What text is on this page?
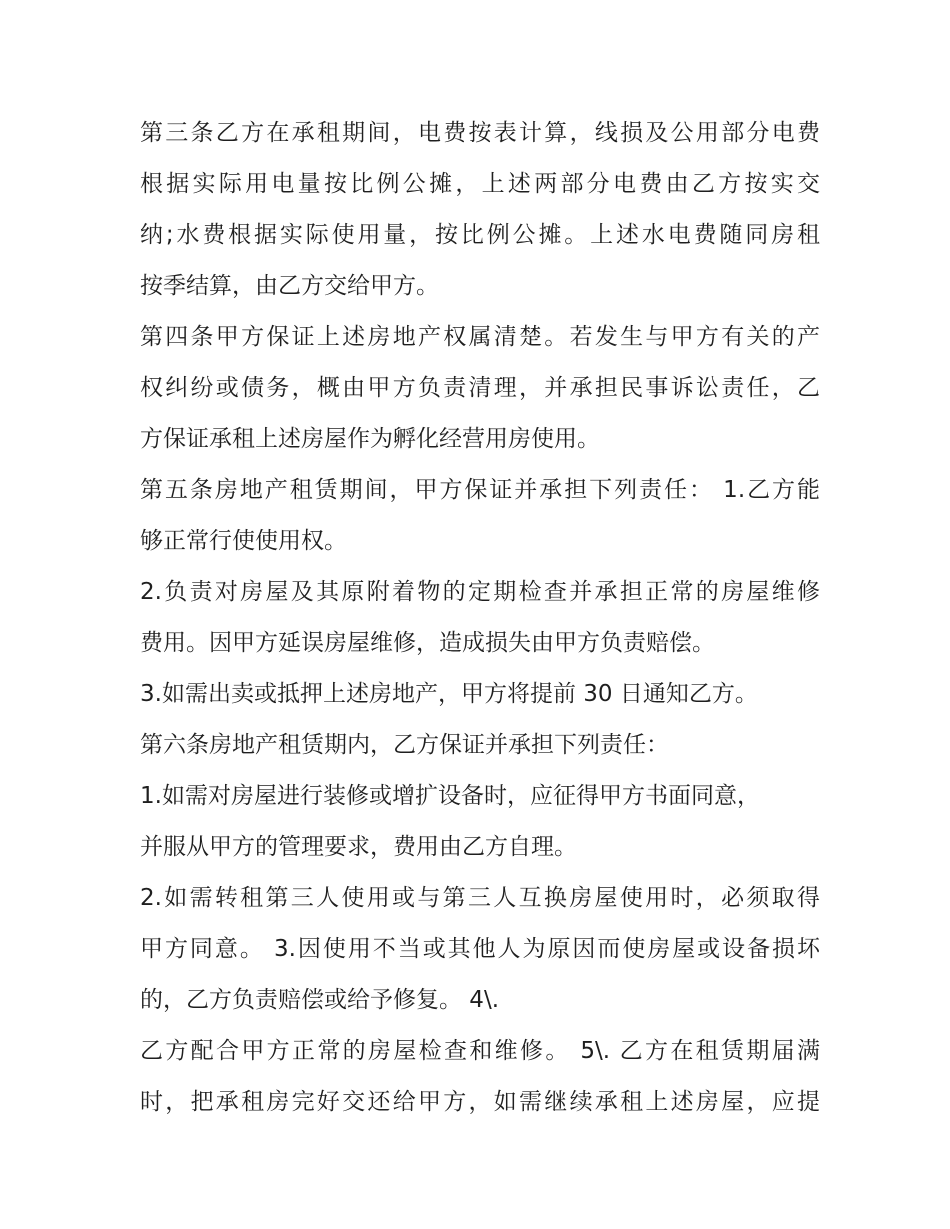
第三条乙方在承租期间，电费按表计算，线损及公用部分电费
根据实际用电量按比例公摊，上述两部分电费由乙方按实交
纳;水费根据实际使用量，按比例公摊。上述水电费随同房租
按季结算，由乙方交给甲方。
第四条甲方保证上述房地产权属清楚。若发生与甲方有关的产
权纠纷或债务，概由甲方负责清理，并承担民事诉讼责任，乙
方保证承租上述房屋作为孵化经营用房使用。
第五条房地产租赁期间，甲方保证并承担下列责任： 1.乙方能
够正常行使使用权。
2.负责对房屋及其原附着物的定期检查并承担正常的房屋维修
费用。因甲方延误房屋维修，造成损失由甲方负责赔偿。
3.如需出卖或抵押上述房地产，甲方将提前 30 日通知乙方。
第六条房地产租赁期内，乙方保证并承担下列责任：
1.如需对房屋进行装修或增扩设备时，应征得甲方书面同意，
并服从甲方的管理要求，费用由乙方自理。
2.如需转租第三人使用或与第三人互换房屋使用时，必须取得
甲方同意。 3.因使用不当或其他人为原因而使房屋或设备损坏
的，乙方负责赔偿或给予修复。 4\.
乙方配合甲方正常的房屋检查和维修。 5\. 乙方在租赁期届满
时，把承租房完好交还给甲方，如需继续承租上述房屋，应提
